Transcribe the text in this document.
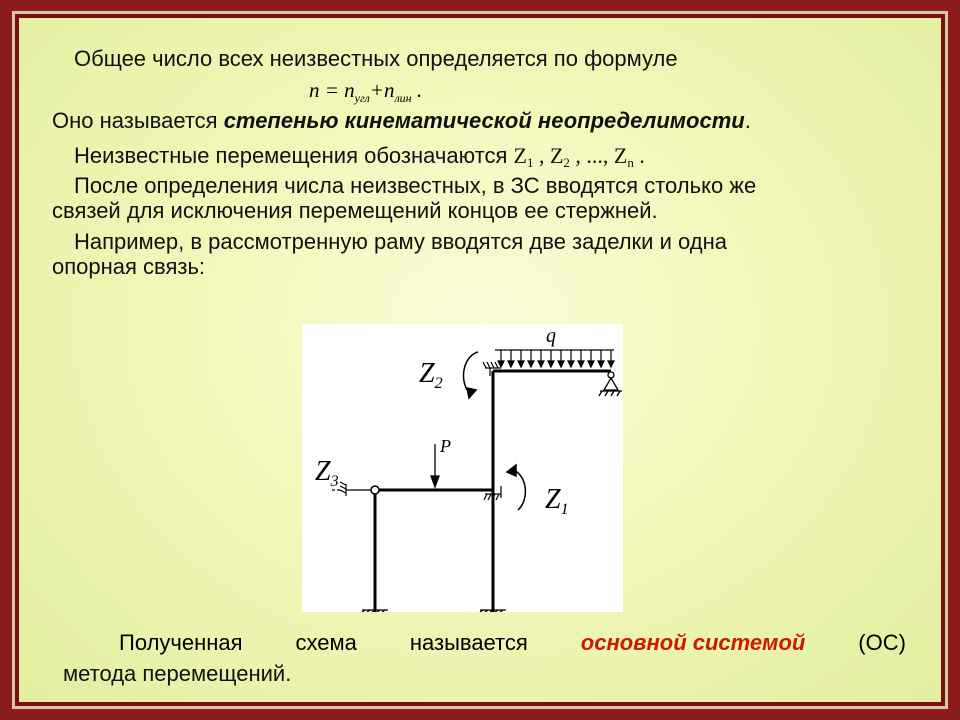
Общее число всех неизвестных определяется по формуле
$n = n_{угл}+n_{лин}$ .
Оно называется степенью кинематической неопределимости.
Неизвестные перемещения обозначаются Z1 , Z2 , ..., Zn .
После определения числа неизвестных, в ЗС вводятся столько же
связей для исключения перемещений концов ее стержней.
Например, в рассмотренную раму вводятся две заделки и одна
опорная связь:
q
P
$Z_2$
$Z_3$
$Z_1$
Полученная схема называется основной системой (ОС)
метода перемещений.
